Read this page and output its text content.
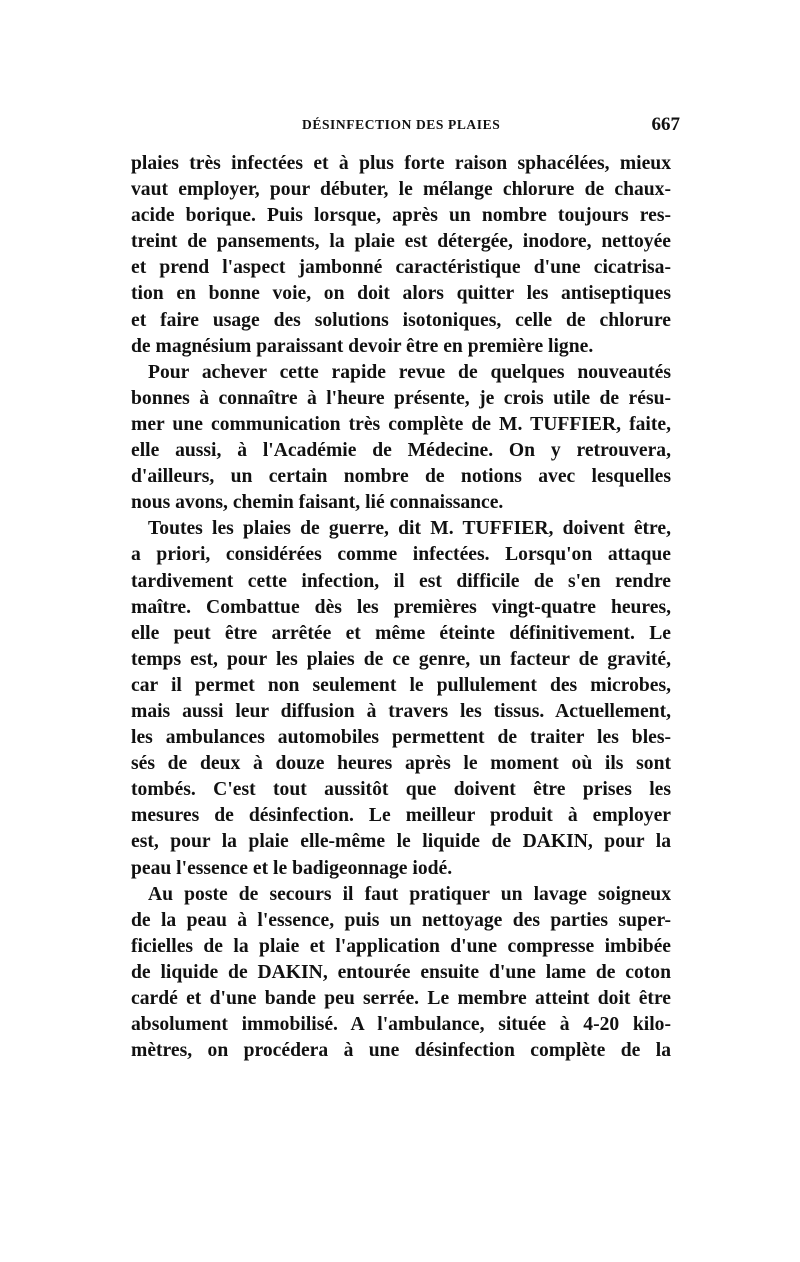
DÉSINFECTION DES PLAIES	667
plaies très infectées et à plus forte raison sphacélées, mieux
vaut employer, pour débuter, le mélange chlorure de chaux-
acide borique. Puis lorsque, après un nombre toujours res-
treint de pansements, la plaie est détergée, inodore, nettoyée
et prend l'aspect jambonné caractéristique d'une cicatrisa-
tion en bonne voie, on doit alors quitter les antiseptiques
et faire usage des solutions isotoniques, celle de chlorure
de magnésium paraissant devoir être en première ligne.
Pour achever cette rapide revue de quelques nouveautés
bonnes à connaître à l'heure présente, je crois utile de résu-
mer une communication très complète de M. TUFFIER, faite,
elle aussi, à l'Académie de Médecine. On y retrouvera,
d'ailleurs, un certain nombre de notions avec lesquelles
nous avons, chemin faisant, lié connaissance.
Toutes les plaies de guerre, dit M. TUFFIER, doivent être,
a priori, considérées comme infectées. Lorsqu'on attaque
tardivement cette infection, il est difficile de s'en rendre
maître. Combattue dès les premières vingt-quatre heures,
elle peut être arrêtée et même éteinte définitivement. Le
temps est, pour les plaies de ce genre, un facteur de gravité,
car il permet non seulement le pullulement des microbes,
mais aussi leur diffusion à travers les tissus. Actuellement,
les ambulances automobiles permettent de traiter les bles-
sés de deux à douze heures après le moment où ils sont
tombés. C'est tout aussitôt que doivent être prises les
mesures de désinfection. Le meilleur produit à employer
est, pour la plaie elle-même le liquide de DAKIN, pour la
peau l'essence et le badigeonnage iodé.
Au poste de secours il faut pratiquer un lavage soigneux
de la peau à l'essence, puis un nettoyage des parties super-
ficielles de la plaie et l'application d'une compresse imbibée
de liquide de DAKIN, entourée ensuite d'une lame de coton
cardé et d'une bande peu serrée. Le membre atteint doit être
absolument immobilisé. A l'ambulance, située à 4-20 kilo-
mètres, on procédera à une désinfection complète de la
